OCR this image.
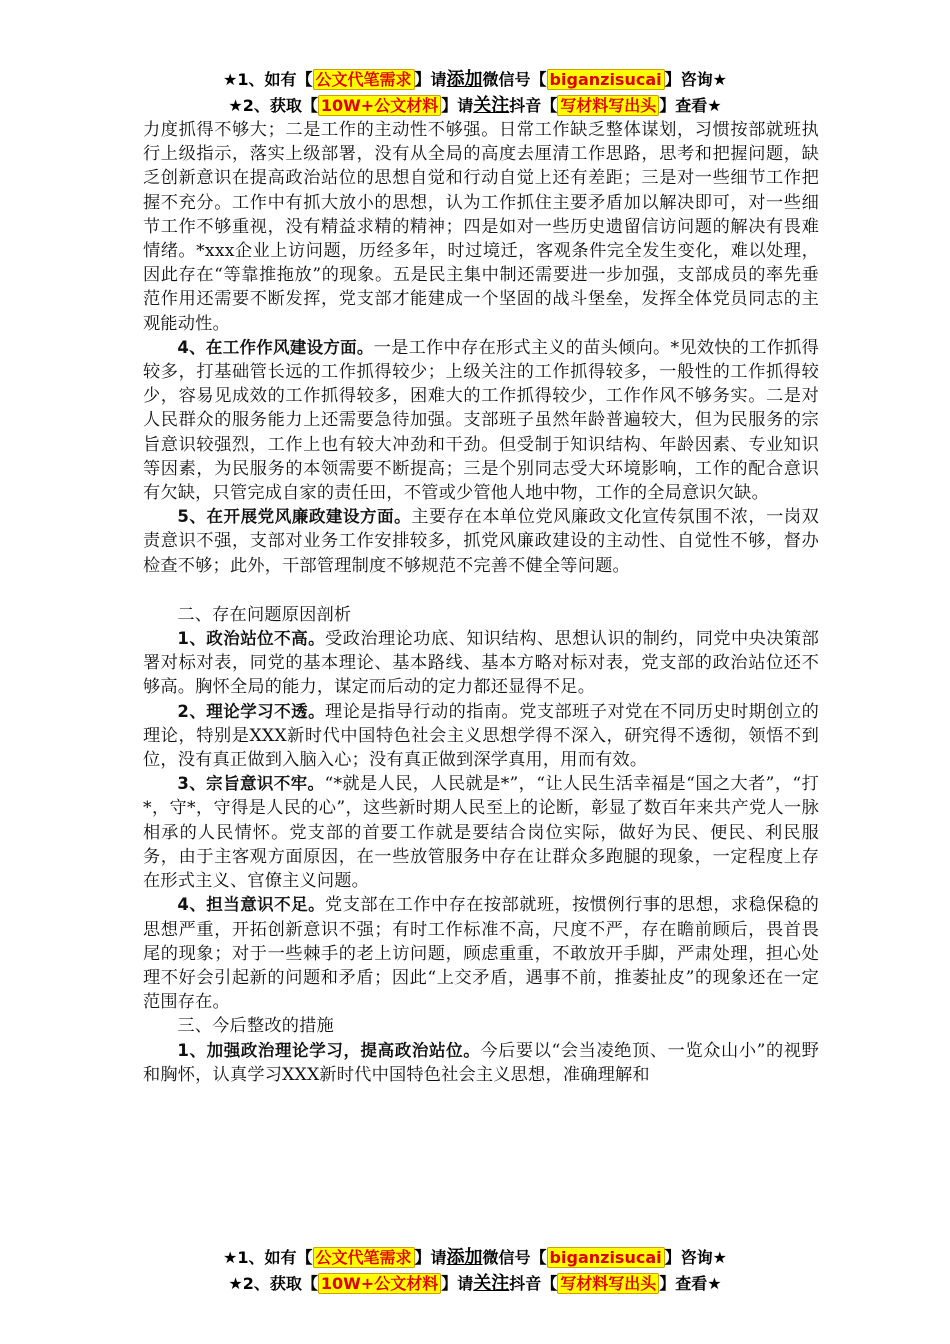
★1、如有【 公文代笔需求 】请添加微信号【 biganzisucai 】咨询★
★2、获取【 10W+公文材料 】请关注抖音【 写材料写出头 】查看★

力度抓得不够大；二是工作的主动性不够强。日常工作缺乏整体谋划，习惯按部就班执行上级指示，落实上级部署，没有从全局的高度去厘清工作思路，思考和把握问题，缺乏创新意识在提高政治站位的思想自觉和行动自觉上还有差距；三是对一些细节工作把握不充分。工作中有抓大放小的思想，认为工作抓住主要矛盾加以解决即可，对一些细节工作不够重视，没有精益求精的精神；四是如对一些历史遗留信访问题的解决有畏难情绪。*xxx企业上访问题，历经多年，时过境迁，客观条件完全发生变化，难以处理，因此存在“等靠推拖放”的现象。五是民主集中制还需要进一步加强，支部成员的率先垂范作用还需要不断发挥，党支部才能建成一个坚固的战斗堡垒，发挥全体党员同志的主观能动性。

4、在工作作风建设方面。一是工作中存在形式主义的苗头倾向。*见效快的工作抓得较多，打基础管长远的工作抓得较少；上级关注的工作抓得较多，一般性的工作抓得较少，容易见成效的工作抓得较多，困难大的工作抓得较少，工作作风不够务实。二是对人民群众的服务能力上还需要急待加强。支部班子虽然年龄普遍较大，但为民服务的宗旨意识较强烈，工作上也有较大冲劲和干劲。但受制于知识结构、年龄因素、专业知识等因素，为民服务的本领需要不断提高；三是个别同志受大环境影响，工作的配合意识有欠缺，只管完成自家的责任田，不管或少管他人地中物，工作的全局意识欠缺。

5、在开展党风廉政建设方面。主要存在本单位党风廉政文化宣传氛围不浓，一岗双责意识不强，支部对业务工作安排较多，抓党风廉政建设的主动性、自觉性不够，督办检查不够；此外，干部管理制度不够规范不完善不健全等问题。

二、存在问题原因剖析

1、政治站位不高。受政治理论功底、知识结构、思想认识的制约，同党中央决策部署对标对表，同党的基本理论、基本路线、基本方略对标对表，党支部的政治站位还不够高。胸怀全局的能力，谋定而后动的定力都还显得不足。

2、理论学习不透。理论是指导行动的指南。党支部班子对党在不同历史时期创立的理论，特别是XXX新时代中国特色社会主义思想学得不深入，研究得不透彻，领悟不到位，没有真正做到入脑入心；没有真正做到深学真用，用而有效。

3、宗旨意识不牢。“*就是人民，人民就是*”，“让人民生活幸福是“国之大者”，“打*，守*，守得是人民的心”，这些新时期人民至上的论断，彰显了数百年来共产党人一脉相承的人民情怀。党支部的首要工作就是要结合岗位实际，做好为民、便民、利民服务，由于主客观方面原因，在一些放管服务中存在让群众多跑腿的现象，一定程度上存在形式主义、官僚主义问题。

4、担当意识不足。党支部在工作中存在按部就班，按惯例行事的思想，求稳保稳的思想严重，开拓创新意识不强；有时工作标准不高，尺度不严，存在瞻前顾后，畏首畏尾的现象；对于一些棘手的老上访问题，顾虑重重，不敢放开手脚，严肃处理，担心处理不好会引起新的问题和矛盾；因此“上交矛盾，遇事不前，推萎扯皮”的现象还在一定范围存在。

三、今后整改的措施

1、加强政治理论学习，提高政治站位。今后要以“会当凌绝顶、一览众山小”的视野和胸怀，认真学习XXX新时代中国特色社会主义思想，准确理解和

★1、如有【 公文代笔需求 】请添加微信号【 biganzisucai 】咨询★
★2、获取【 10W+公文材料 】请关注抖音【 写材料写出头 】查看★
